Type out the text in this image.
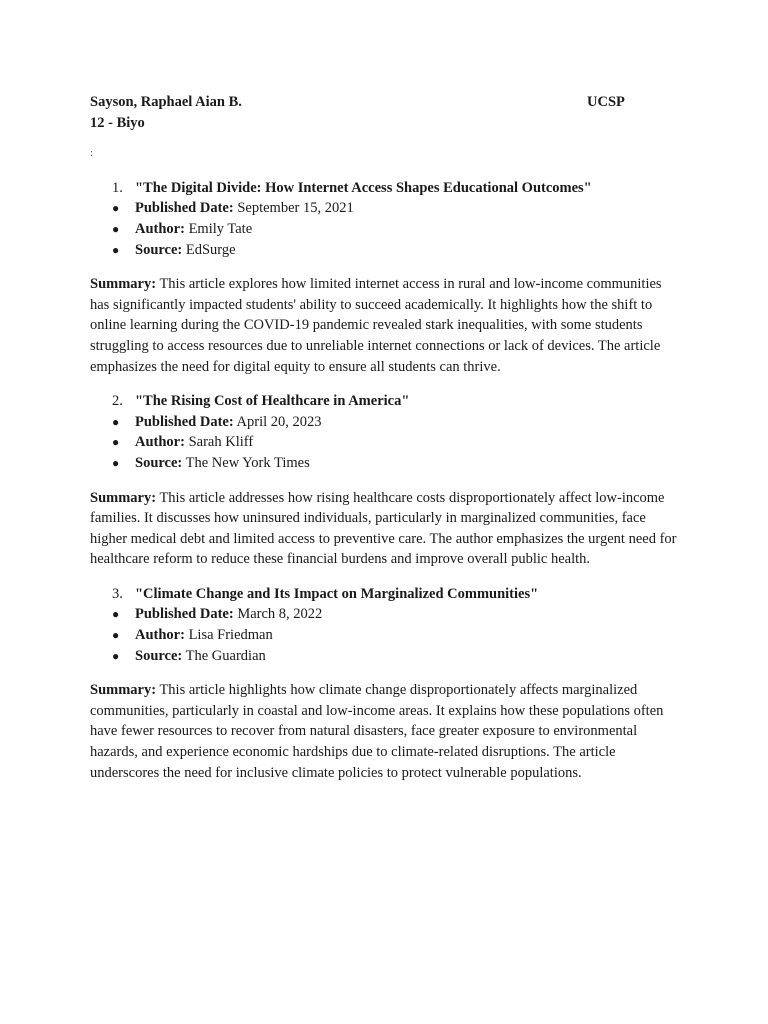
Sayson, Raphael Aian B.	UCSP
12 - Biyo
:
1. "The Digital Divide: How Internet Access Shapes Educational Outcomes"
● Published Date: September 15, 2021
● Author: Emily Tate
● Source: EdSurge
Summary: This article explores how limited internet access in rural and low-income communities has significantly impacted students' ability to succeed academically. It highlights how the shift to online learning during the COVID-19 pandemic revealed stark inequalities, with some students struggling to access resources due to unreliable internet connections or lack of devices. The article emphasizes the need for digital equity to ensure all students can thrive.
2. "The Rising Cost of Healthcare in America"
● Published Date: April 20, 2023
● Author: Sarah Kliff
● Source: The New York Times
Summary: This article addresses how rising healthcare costs disproportionately affect low-income families. It discusses how uninsured individuals, particularly in marginalized communities, face higher medical debt and limited access to preventive care. The author emphasizes the urgent need for healthcare reform to reduce these financial burdens and improve overall public health.
3. "Climate Change and Its Impact on Marginalized Communities"
● Published Date: March 8, 2022
● Author: Lisa Friedman
● Source: The Guardian
Summary: This article highlights how climate change disproportionately affects marginalized communities, particularly in coastal and low-income areas. It explains how these populations often have fewer resources to recover from natural disasters, face greater exposure to environmental hazards, and experience economic hardships due to climate-related disruptions. The article underscores the need for inclusive climate policies to protect vulnerable populations.
